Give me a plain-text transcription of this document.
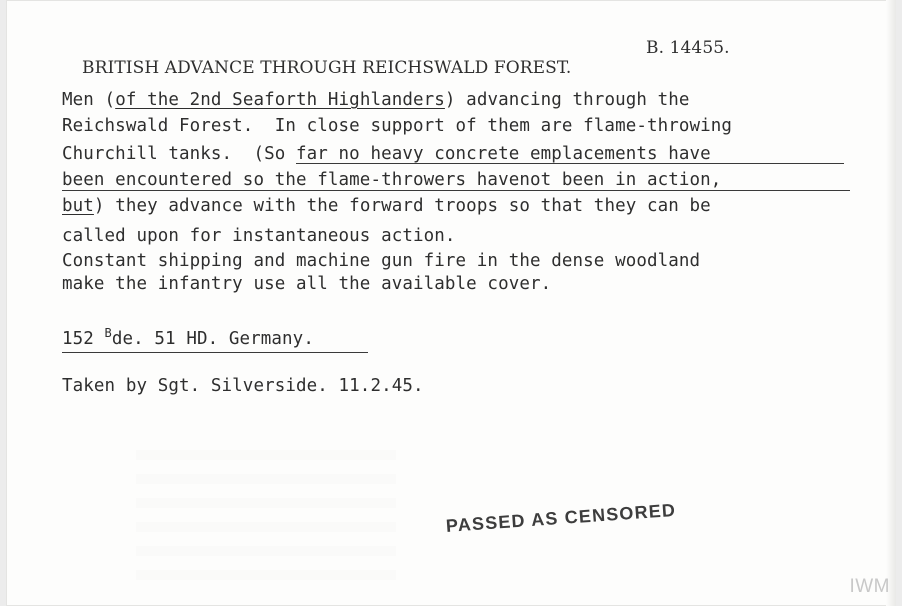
BRITISH ADVANCE THROUGH REICHSWALD FOREST.

B. 14455.
Men (of the 2nd Seaforth Highlanders) advancing through the
Reichswald Forest.  In close support of them are flame-throwing
Churchill tanks.  (So far no heavy concrete emplacements have
been encountered so the flame-throwers havenot been in action,
but) they advance with the forward troops so that they can be
called upon for instantaneous action.
Constant shipping and machine gun fire in the dense woodland
make the infantry use all the available cover.
152 $^B$de. 51 HD. Germany.
Taken by Sgt. Silverside. 11.2.45.
PASSED AS CENSORED
IWM
